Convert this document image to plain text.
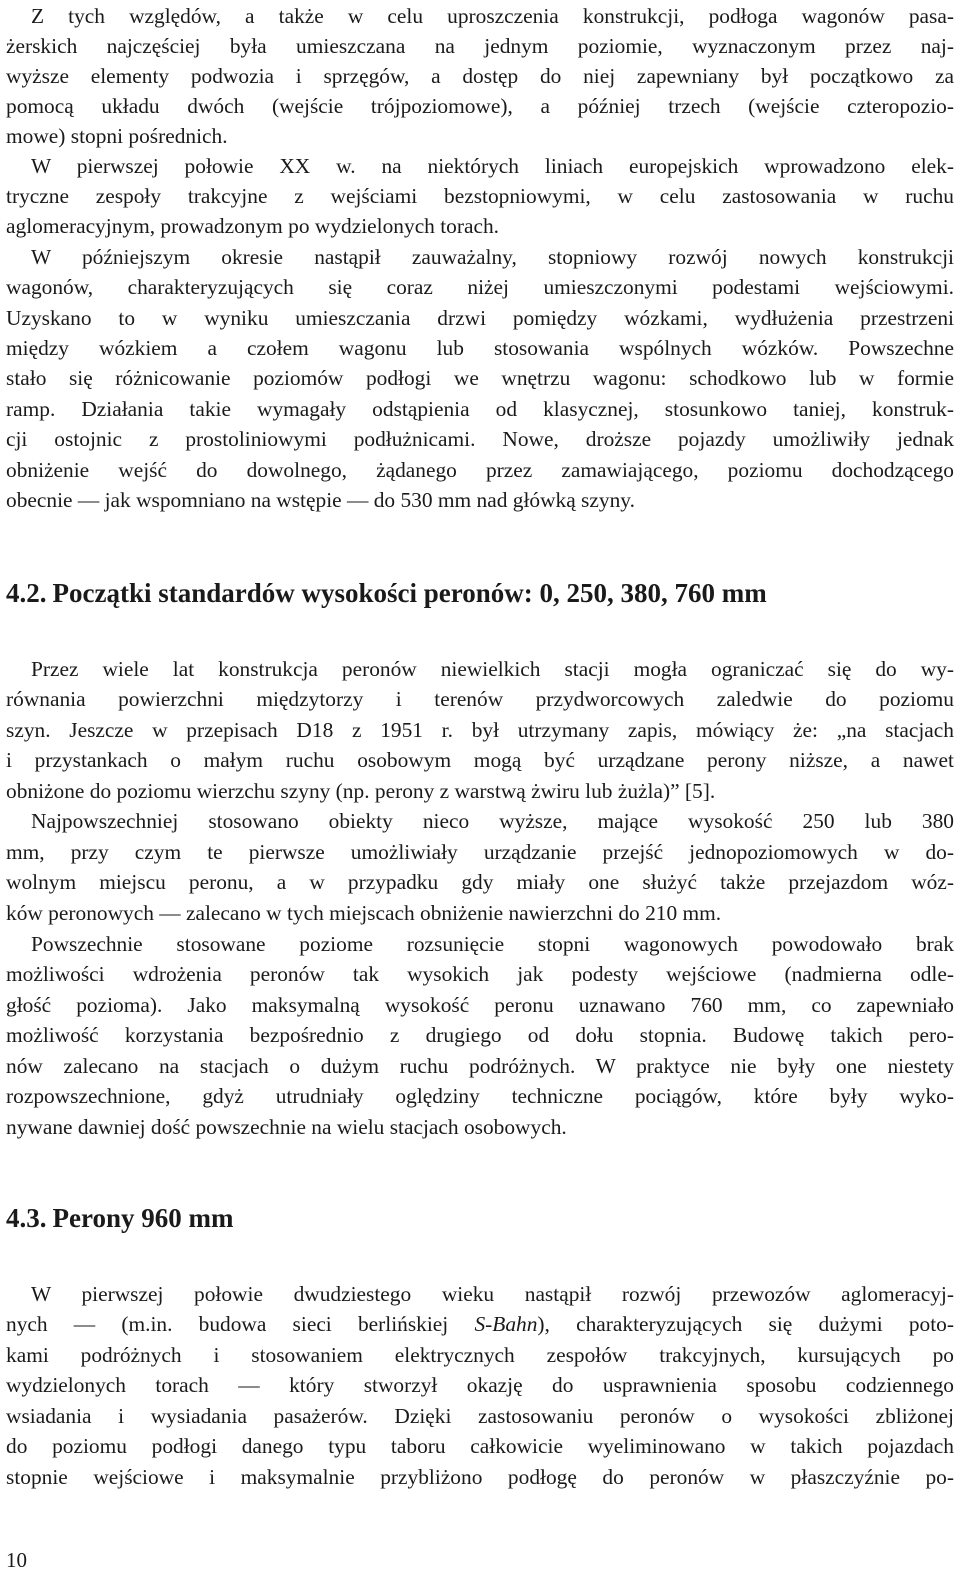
Z tych względów, a także w celu uproszczenia konstrukcji, podłoga wagonów pasa-
żerskich najczęściej była umieszczana na jednym poziomie, wyznaczonym przez naj-
wyższe elementy podwozia i sprzęgów, a dostęp do niej zapewniany był początkowo za
pomocą układu dwóch (wejście trójpoziomowe), a później trzech (wejście czteropozio-
mowe) stopni pośrednich.
W pierwszej połowie XX w. na niektórych liniach europejskich wprowadzono elek-
tryczne zespoły trakcyjne z wejściami bezstopniowymi, w celu zastosowania w ruchu
aglomeracyjnym, prowadzonym po wydzielonych torach.
W późniejszym okresie nastąpił zauważalny, stopniowy rozwój nowych konstrukcji
wagonów, charakteryzujących się coraz niżej umieszczonymi podestami wejściowymi.
Uzyskano to w wyniku umieszczania drzwi pomiędzy wózkami, wydłużenia przestrzeni
między wózkiem a czołem wagonu lub stosowania wspólnych wózków. Powszechne
stało się różnicowanie poziomów podłogi we wnętrzu wagonu: schodkowo lub w formie
ramp. Działania takie wymagały odstąpienia od klasycznej, stosunkowo taniej, konstruk-
cji ostojnic z prostoliniowymi podłużnicami. Nowe, droższe pojazdy umożliwiły jednak
obniżenie wejść do dowolnego, żądanego przez zamawiającego, poziomu dochodzącego
obecnie — jak wspomniano na wstępie — do 530 mm nad główką szyny.
4.2. Początki standardów wysokości peronów: 0, 250, 380, 760 mm
Przez wiele lat konstrukcja peronów niewielkich stacji mogła ograniczać się do wy-
równania powierzchni międzytorzy i terenów przydworcowych zaledwie do poziomu
szyn. Jeszcze w przepisach D18 z 1951 r. był utrzymany zapis, mówiący że: „na stacjach
i przystankach o małym ruchu osobowym mogą być urządzane perony niższe, a nawet
obniżone do poziomu wierzchu szyny (np. perony z warstwą żwiru lub żużla)” [5].
Najpowszechniej stosowano obiekty nieco wyższe, mające wysokość 250 lub 380
mm, przy czym te pierwsze umożliwiały urządzanie przejść jednopoziomowych w do-
wolnym miejscu peronu, a w przypadku gdy miały one służyć także przejazdom wóz-
ków peronowych — zalecano w tych miejscach obniżenie nawierzchni do 210 mm.
Powszechnie stosowane poziome rozsunięcie stopni wagonowych powodowało brak
możliwości wdrożenia peronów tak wysokich jak podesty wejściowe (nadmierna odle-
głość pozioma). Jako maksymalną wysokość peronu uznawano 760 mm, co zapewniało
możliwość korzystania bezpośrednio z drugiego od dołu stopnia. Budowę takich pero-
nów zalecano na stacjach o dużym ruchu podróżnych. W praktyce nie były one niestety
rozpowszechnione, gdyż utrudniały oględziny techniczne pociągów, które były wyko-
nywane dawniej dość powszechnie na wielu stacjach osobowych.
4.3. Perony 960 mm
W pierwszej połowie dwudziestego wieku nastąpił rozwój przewozów aglomeracyj-
nych — (m.in. budowa sieci berlińskiej S-Bahn), charakteryzujących się dużymi poto-
kami podróżnych i stosowaniem elektrycznych zespołów trakcyjnych, kursujących po
wydzielonych torach — który stworzył okazję do usprawnienia sposobu codziennego
wsiadania i wysiadania pasażerów. Dzięki zastosowaniu peronów o wysokości zbliżonej
do poziomu podłogi danego typu taboru całkowicie wyeliminowano w takich pojazdach
stopnie wejściowe i maksymalnie przybliżono podłogę do peronów w płaszczyźnie po-
10
